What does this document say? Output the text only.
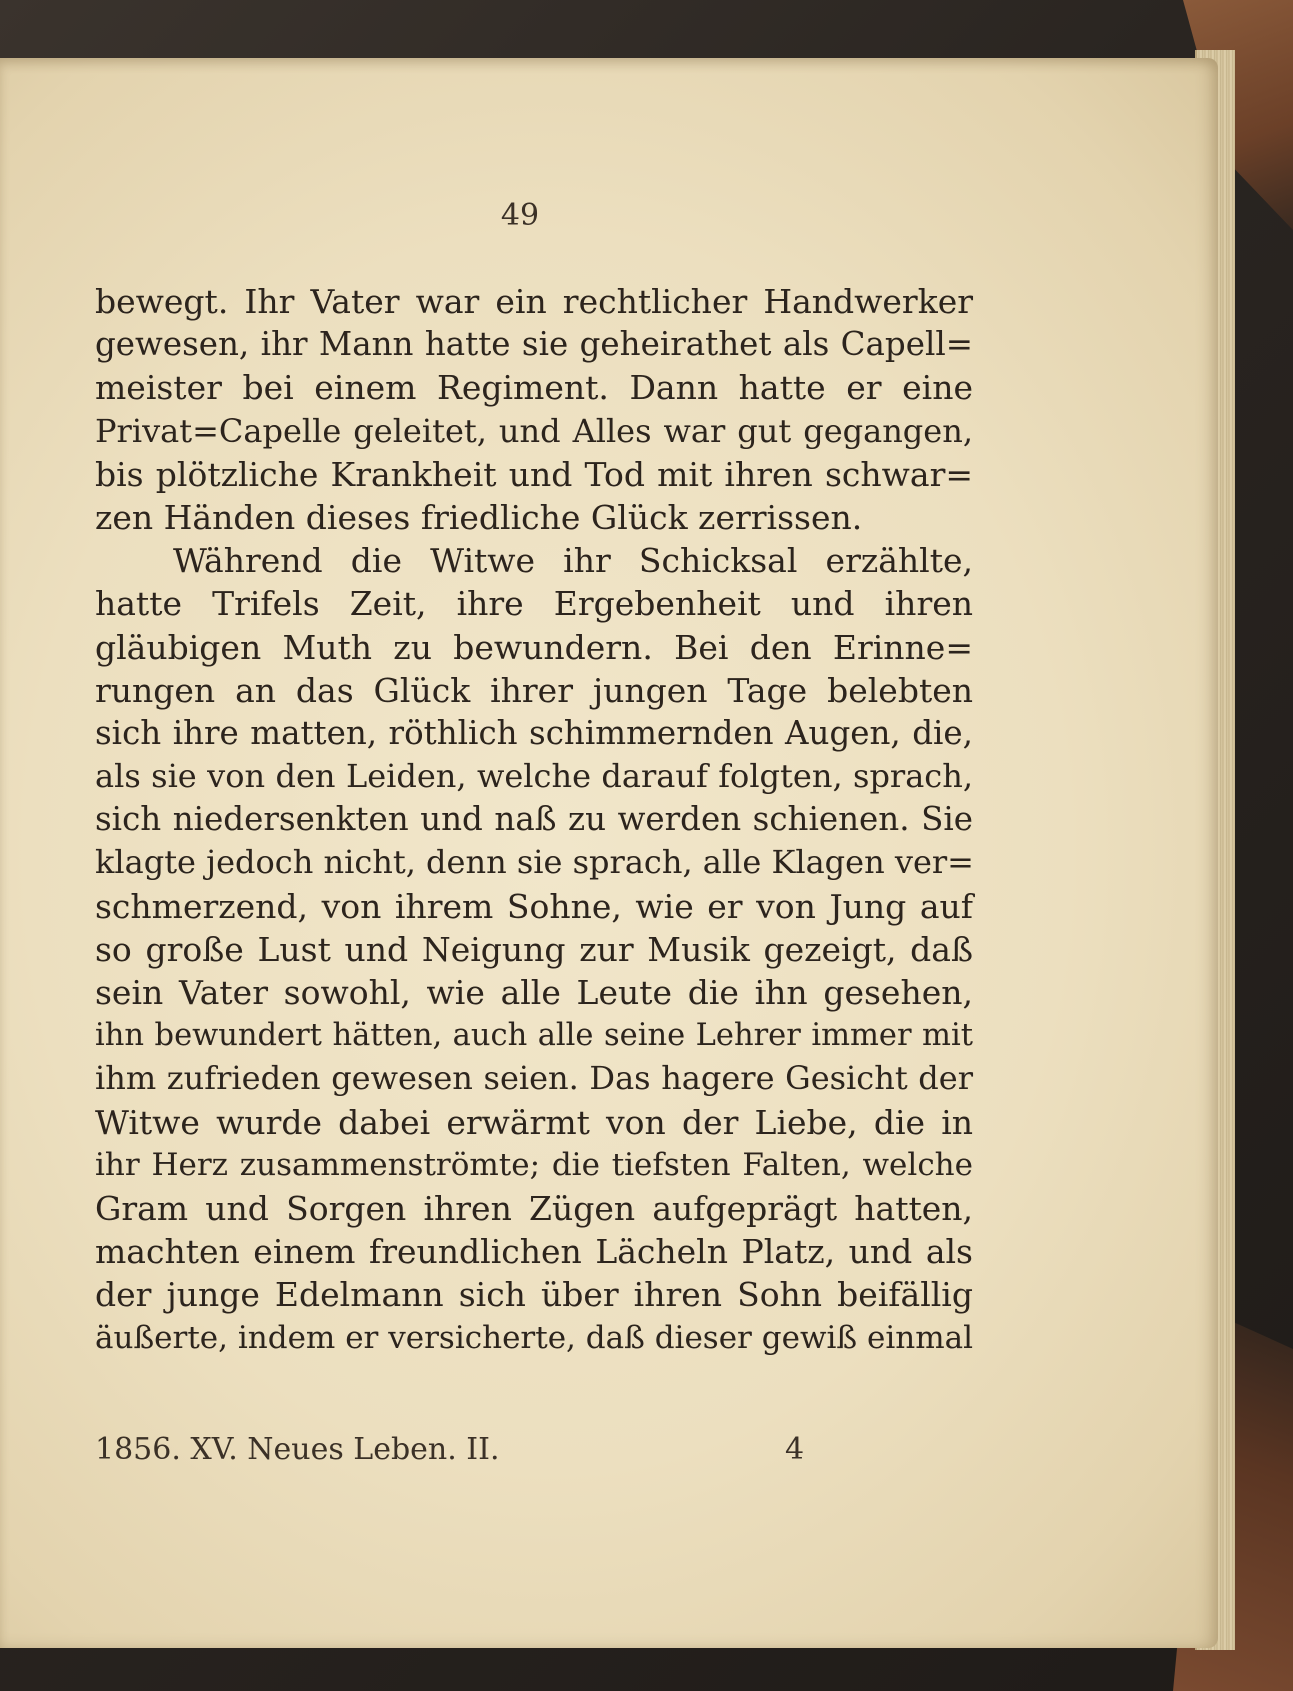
49
bewegt. Ihr Vater war ein rechtlicher Handwerker
gewesen, ihr Mann hatte sie geheirathet als Capell=
meister bei einem Regiment. Dann hatte er eine
Privat=Capelle geleitet, und Alles war gut gegangen,
bis plötzliche Krankheit und Tod mit ihren schwar=
zen Händen dieses friedliche Glück zerrissen.
Während die Witwe ihr Schicksal erzählte,
hatte Trifels Zeit, ihre Ergebenheit und ihren
gläubigen Muth zu bewundern. Bei den Erinne=
rungen an das Glück ihrer jungen Tage belebten
sich ihre matten, röthlich schimmernden Augen, die,
als sie von den Leiden, welche darauf folgten, sprach,
sich niedersenkten und naß zu werden schienen. Sie
klagte jedoch nicht, denn sie sprach, alle Klagen ver=
schmerzend, von ihrem Sohne, wie er von Jung auf
so große Lust und Neigung zur Musik gezeigt, daß
sein Vater sowohl, wie alle Leute die ihn gesehen,
ihn bewundert hätten, auch alle seine Lehrer immer mit
ihm zufrieden gewesen seien. Das hagere Gesicht der
Witwe wurde dabei erwärmt von der Liebe, die in
ihr Herz zusammenströmte; die tiefsten Falten, welche
Gram und Sorgen ihren Zügen aufgeprägt hatten,
machten einem freundlichen Lächeln Platz, und als
der junge Edelmann sich über ihren Sohn beifällig
äußerte, indem er versicherte, daß dieser gewiß einmal
1856. XV. Neues Leben. II.	4
